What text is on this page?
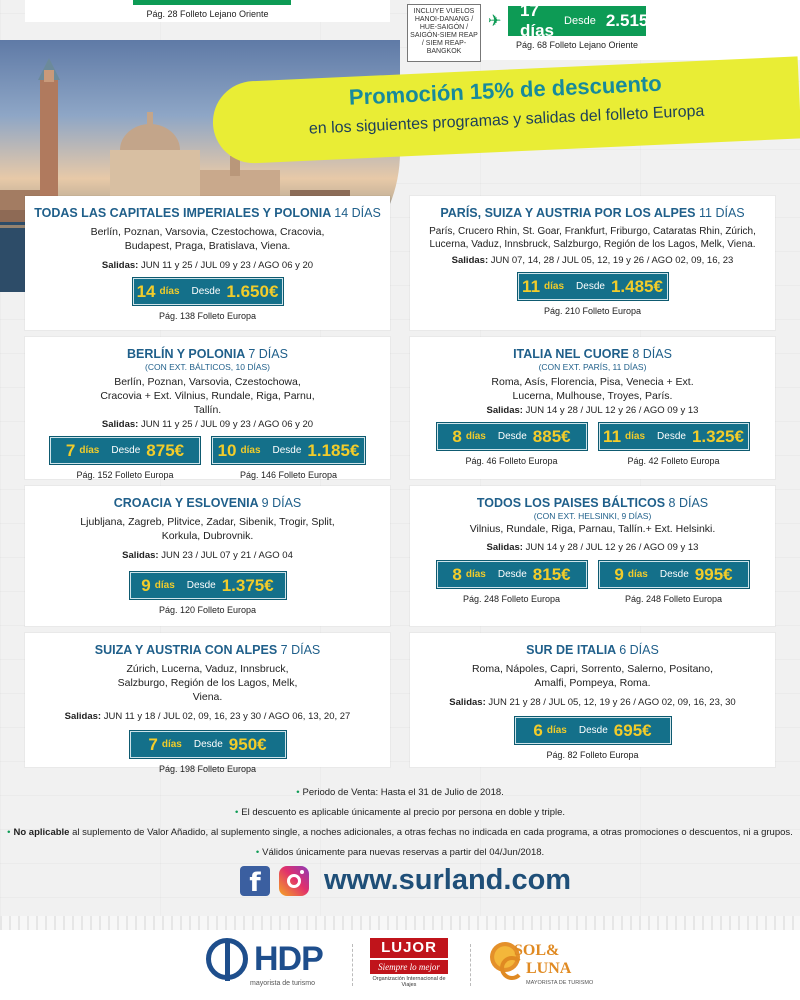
Pág. 28 Folleto Lejano Oriente	INCLUYE VUELOS HANOI-DANANG / HUE-SAIGÓN / SAIGÓN-SIEM REAP / SIEM REAP-BANGKOK
✈
17 días Desde 2.515$
Pág. 68 Folleto Lejano Oriente
Promoción 15% de descuento
en los siguientes programas y salidas del folleto Europa
TODAS LAS CAPITALES IMPERIALES Y POLONIA 14 DÍAS
Berlín, Poznan, Varsovia, Czestochowa, Cracovia, Budapest, Praga, Bratislava, Viena.
Salidas: JUN 11 y 25 / JUL 09 y 23 / AGO 06 y 20
14 días Desde 1.650€
Pág. 138 Folleto Europa
PARÍS, SUIZA Y AUSTRIA POR LOS ALPES 11 DÍAS
París, Crucero Rhin, St. Goar, Frankfurt, Friburgo, Cataratas Rhin, Zúrich, Lucerna, Vaduz, Innsbruck, Salzburgo, Región de los Lagos, Melk, Viena.
Salidas: JUN 07, 14, 28 / JUL 05, 12, 19 y 26 / AGO 02, 09, 16, 23
11 días Desde 1.485€
Pág. 210 Folleto Europa
BERLÍN Y POLONIA 7 DÍAS
(CON EXT. BÁLTICOS, 10 DÍAS)
Berlín, Poznan, Varsovia, Czestochowa, Cracovia + Ext. Vilnius, Rundale, Riga, Parnu, Tallín.
Salidas: JUN 11 y 25 / JUL 09 y 23 / AGO 06 y 20
7 días Desde 875€
Pág. 152 Folleto Europa
10 días Desde 1.185€
Pág. 146 Folleto Europa
ITALIA NEL CUORE 8 DÍAS
(CON EXT. PARÍS, 11 DÍAS)
Roma, Asís, Florencia, Pisa, Venecia + Ext. Lucerna, Mulhouse, Troyes, París.
Salidas: JUN 14 y 28 / JUL 12 y 26 / AGO 09 y 13
8 días Desde 885€
Pág. 46 Folleto Europa
11 días Desde 1.325€
Pág. 42 Folleto Europa
CROACIA Y ESLOVENIA 9 DÍAS
Ljubljana, Zagreb, Plitvice, Zadar, Sibenik, Trogir, Split, Korkula, Dubrovnik.
Salidas: JUN 23 / JUL 07 y 21 / AGO 04
9 días Desde 1.375€
Pág. 120 Folleto Europa
TODOS LOS PAISES BÁLTICOS 8 DÍAS
(CON EXT. HELSINKI, 9 DÍAS)
Vilnius, Rundale, Riga, Parnau, Tallín.+ Ext. Helsinki.
Salidas: JUN 14 y 28 / JUL 12 y 26 / AGO 09 y 13
8 días Desde 815€
Pág. 248 Folleto Europa
9 días Desde 995€
Pág. 248 Folleto Europa
SUIZA Y AUSTRIA CON ALPES 7 DÍAS
Zúrich, Lucerna, Vaduz, Innsbruck, Salzburgo, Región de los Lagos, Melk, Viena.
Salidas: JUN 11 y 18 / JUL 02, 09, 16, 23 y 30 / AGO 06, 13, 20, 27
7 días Desde 950€
Pág. 198 Folleto Europa
SUR DE ITALIA 6 DÍAS
Roma, Nápoles, Capri, Sorrento, Salerno, Positano, Amalfi, Pompeya, Roma.
Salidas: JUN 21 y 28 / JUL 05, 12, 19 y 26 / AGO 02, 09, 16, 23, 30
6 días Desde 695€
Pág. 82 Folleto Europa
• Periodo de Venta: Hasta el 31 de Julio de 2018.
• El descuento es aplicable únicamente al precio por persona en doble y triple.
• No aplicable al suplemento de Valor Añadido, al suplemento single, a noches adicionales, a otras fechas no indicada en cada programa, a otras promociones o descuentos, ni a grupos.
• Válidos únicamente para nuevas reservas a partir del 04/Jun/2018.
f	www.surland.com
HDP
mayorista de turismo
LUJOR
Siempre lo mejor
Organización Internacional de Viajes
SOL&
LUNA
MAYORISTA DE TURISMO
